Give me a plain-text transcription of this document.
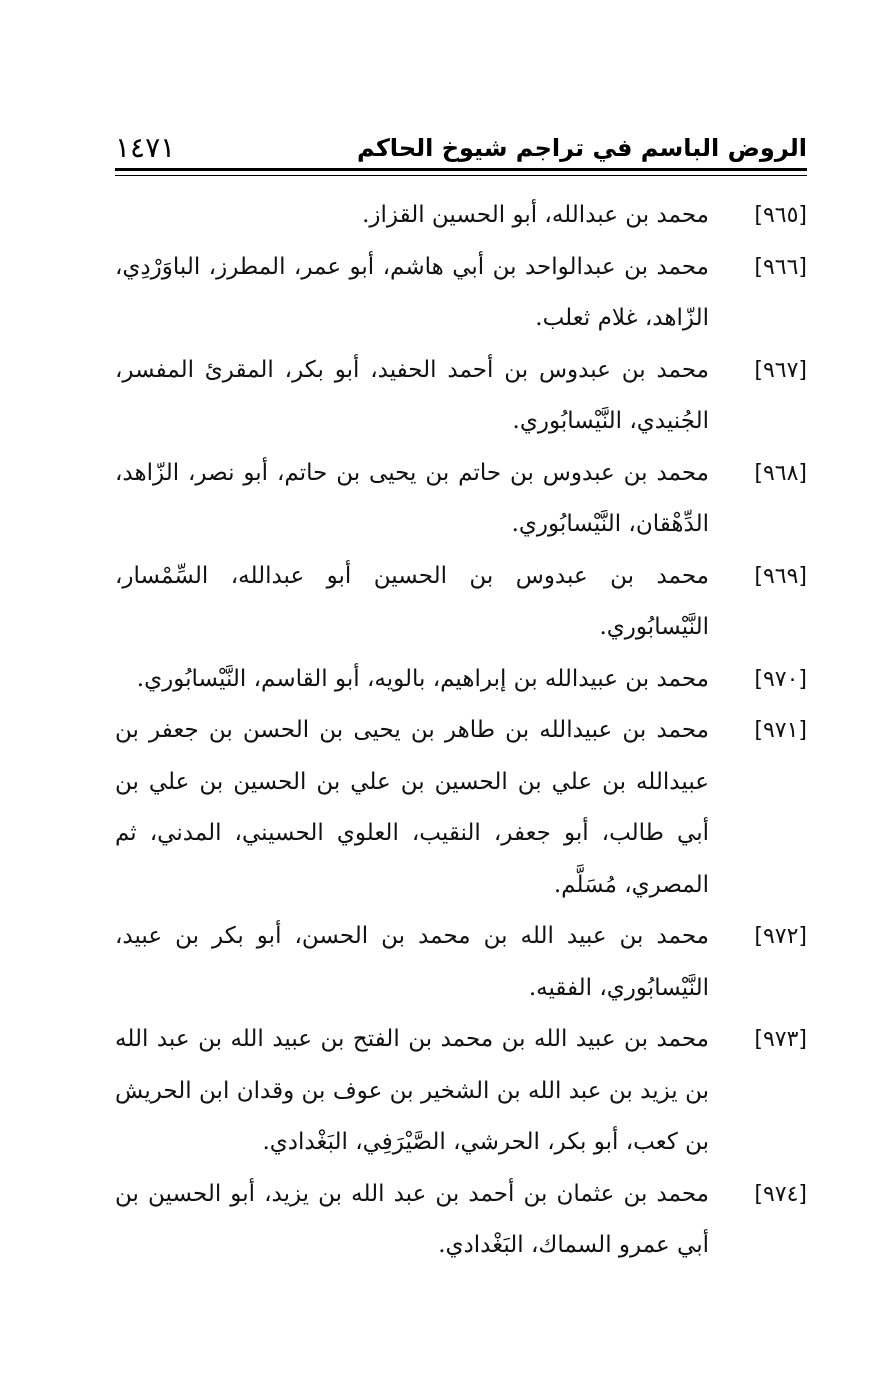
الروض الباسم في تراجم شيوخ الحاكم
١٤٧١

[٩٦٥]
محمد بن عبدالله، أبو الحسين القزاز.

[٩٦٦]
محمد بن عبدالواحد بن أبي هاشم، أبو عمر، المطرز، الباوَرْدِي، الزّاهد، غلام ثعلب.

[٩٦٧]
محمد بن عبدوس بن أحمد الحفيد، أبو بكر، المقرئ المفسر، الجُنيدي، النَّيْسابُوري.

[٩٦٨]
محمد بن عبدوس بن حاتم بن يحيى بن حاتم، أبو نصر، الزّاهد، الدِّهْقان، النَّيْسابُوري.

[٩٦٩]
محمد بن عبدوس بن الحسين أبو عبدالله، السِّمْسار، النَّيْسابُوري.

[٩٧٠]
محمد بن عبيدالله بن إبراهيم، بالويه، أبو القاسم، النَّيْسابُوري.

[٩٧١]
محمد بن عبيدالله بن طاهر بن يحيى بن الحسن بن جعفر بن عبيدالله بن علي بن الحسين بن علي بن الحسين بن علي بن أبي طالب، أبو جعفر، النقيب، العلوي الحسيني، المدني، ثم المصري، مُسَلَّم.

[٩٧٢]
محمد بن عبيد الله بن محمد بن الحسن، أبو بكر بن عبيد، النَّيْسابُوري، الفقيه.

[٩٧٣]
محمد بن عبيد الله بن محمد بن الفتح بن عبيد الله بن عبد الله بن يزيد بن عبد الله بن الشخير بن عوف بن وقدان ابن الحريش بن كعب، أبو بكر، الحرشي، الصَّيْرَفِي، البَغْدادي.

[٩٧٤]
محمد بن عثمان بن أحمد بن عبد الله بن يزيد، أبو الحسين بن أبي عمرو السماك، البَغْدادي.
